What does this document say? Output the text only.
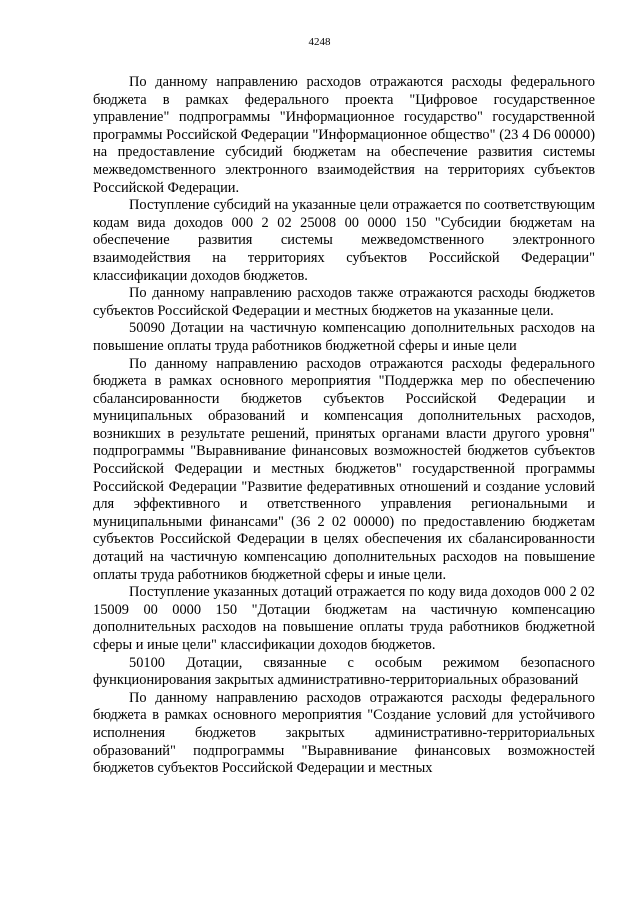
4248

По данному направлению расходов отражаются расходы федерального бюджета в рамках федерального проекта "Цифровое государственное управление" подпрограммы "Информационное государство" государственной программы Российской Федерации "Информационное общество" (23 4 D6 00000) на предоставление субсидий бюджетам на обеспечение развития системы межведомственного электронного взаимодействия на территориях субъектов Российской Федерации.

Поступление субсидий на указанные цели отражается по соответствующим кодам вида доходов 000 2 02 25008 00 0000 150 "Субсидии бюджетам на обеспечение развития системы межведомственного электронного взаимодействия на территориях субъектов Российской Федерации" классификации доходов бюджетов.

По данному направлению расходов также отражаются расходы бюджетов субъектов Российской Федерации и местных бюджетов на указанные цели.

50090 Дотации на частичную компенсацию дополнительных расходов на повышение оплаты труда работников бюджетной сферы и иные цели

По данному направлению расходов отражаются расходы федерального бюджета в рамках основного мероприятия "Поддержка мер по обеспечению сбалансированности бюджетов субъектов Российской Федерации и муниципальных образований и компенсация дополнительных расходов, возникших в результате решений, принятых органами власти другого уровня" подпрограммы "Выравнивание финансовых возможностей бюджетов субъектов Российской Федерации и местных бюджетов" государственной программы Российской Федерации "Развитие федеративных отношений и создание условий для эффективного и ответственного управления региональными и муниципальными финансами" (36 2 02 00000) по предоставлению бюджетам субъектов Российской Федерации в целях обеспечения их сбалансированности дотаций на частичную компенсацию дополнительных расходов на повышение оплаты труда работников бюджетной сферы и иные цели.

Поступление указанных дотаций отражается по коду вида доходов 000 2 02 15009 00 0000 150 "Дотации бюджетам на частичную компенсацию дополнительных расходов на повышение оплаты труда работников бюджетной сферы и иные цели" классификации доходов бюджетов.

50100 Дотации, связанные с особым режимом безопасного функционирования закрытых административно-территориальных образований

По данному направлению расходов отражаются расходы федерального бюджета в рамках основного мероприятия "Создание условий для устойчивого исполнения бюджетов закрытых административно-территориальных образований" подпрограммы "Выравнивание финансовых возможностей бюджетов субъектов Российской Федерации и местных
